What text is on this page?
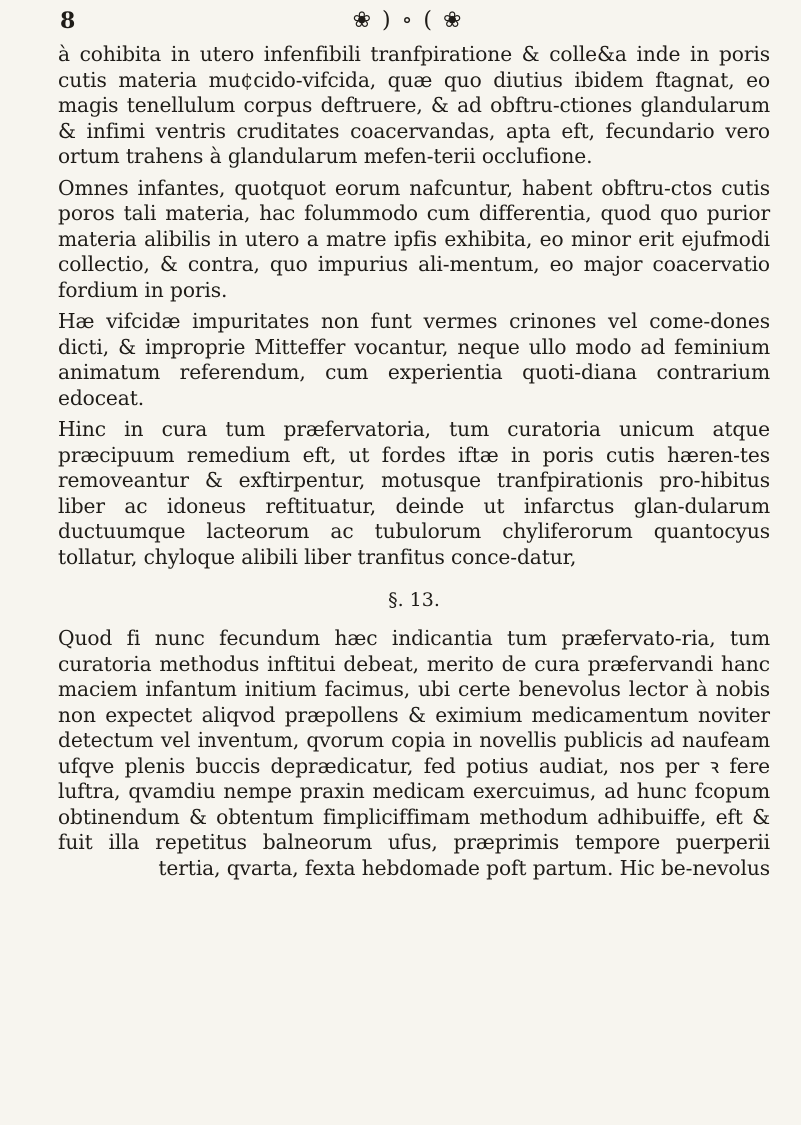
8	❀ ) ∘ ( ❀

à cohibita in utero infenfibili tranfpiratione & colle&a inde in poris cutis materia mu¢cido-vifcida, quæ quo diutius ibidem ftagnat, eo magis tenellulum corpus deftruere, & ad obftru-ctiones glandularum & infimi ventris cruditates coacervandas, apta eft, fecundario vero ortum trahens à glandularum mefen-terii occlufione.

Omnes infantes, quotquot eorum nafcuntur, habent obftru-ctos cutis poros tali materia, hac folummodo cum differentia, quod quo purior materia alibilis in utero a matre ipfis exhibita, eo minor erit ejufmodi collectio, & contra, quo impurius ali-mentum, eo major coacervatio fordium in poris.

Hæ vifcidæ impuritates non funt vermes crinones vel come-dones dicti, & improprie Mitteffer vocantur, neque ullo modo ad feminium animatum referendum, cum experientia quoti-diana contrarium edoceat.

Hinc in cura tum præfervatoria, tum curatoria unicum atque præcipuum remedium eft, ut fordes iftæ in poris cutis hæren-tes removeantur & exftirpentur, motusque tranfpirationis pro-hibitus liber ac idoneus reftituatur, deinde ut infarctus glan-dularum ductuumque lacteorum ac tubulorum chyliferorum quantocyus tollatur, chyloque alibili liber tranfitus conce-datur,

§. 13.

Quod fi nunc fecundum hæc indicantia tum præfervato-ria, tum curatoria methodus inftitui debeat, merito de cura præfervandi hanc maciem infantum initium facimus, ubi certe benevolus lector à nobis non expectet aliqvod præpollens & eximium medicamentum noviter detectum vel inventum, qvorum copia in novellis publicis ad naufeam ufqve plenis buccis deprædicatur, fed potius audiat, nos per ꝛ fere luftra, qvamdiu nempe praxin medicam exercuimus, ad hunc fcopum obtinendum & obtentum fimpliciffimam methodum adhibuiffe, eft & fuit illa repetitus balneorum ufus, præprimis tempore puerperii tertia, qvarta, fexta hebdomade poft partum. Hic be-nevolus
